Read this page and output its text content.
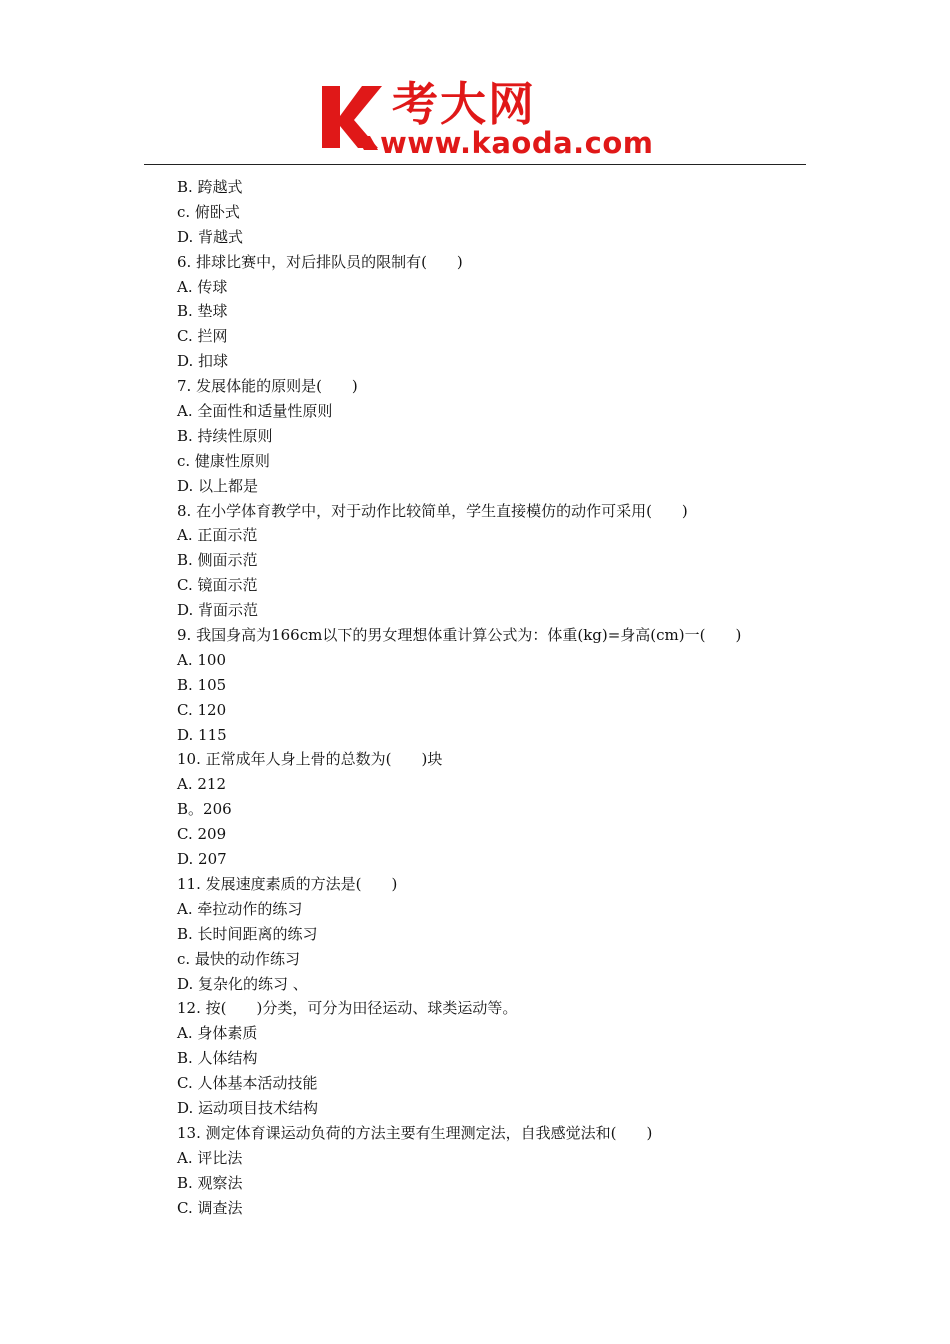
考大网
www.kaoda.com
B. 跨越式
c. 俯卧式
D. 背越式
6. 排球比赛中，对后排队员的限制有(　　)
A. 传球
B. 垫球
C. 拦网
D. 扣球
7. 发展体能的原则是(　　)
A. 全面性和适量性原则
B. 持续性原则
c. 健康性原则
D. 以上都是
8. 在小学体育教学中，对于动作比较简单，学生直接模仿的动作可采用(　　)
A. 正面示范
B. 侧面示范
C. 镜面示范
D. 背面示范
9. 我国身高为166cm以下的男女理想体重计算公式为：体重(kg)=身高(cm)一(　　)
A. 100
B. 105
C. 120
D. 115
10. 正常成年人身上骨的总数为(　　)块
A. 212
B。206
C. 209
D. 207
11. 发展速度素质的方法是(　　)
A. 牵拉动作的练习
B. 长时间距离的练习
c. 最快的动作练习
D. 复杂化的练习 、
12. 按(　　)分类，可分为田径运动、球类运动等。
A. 身体素质
B. 人体结构
C. 人体基本活动技能
D. 运动项目技术结构
13. 测定体育课运动负荷的方法主要有生理测定法，自我感觉法和(　　)
A. 评比法
B. 观察法
C. 调查法
